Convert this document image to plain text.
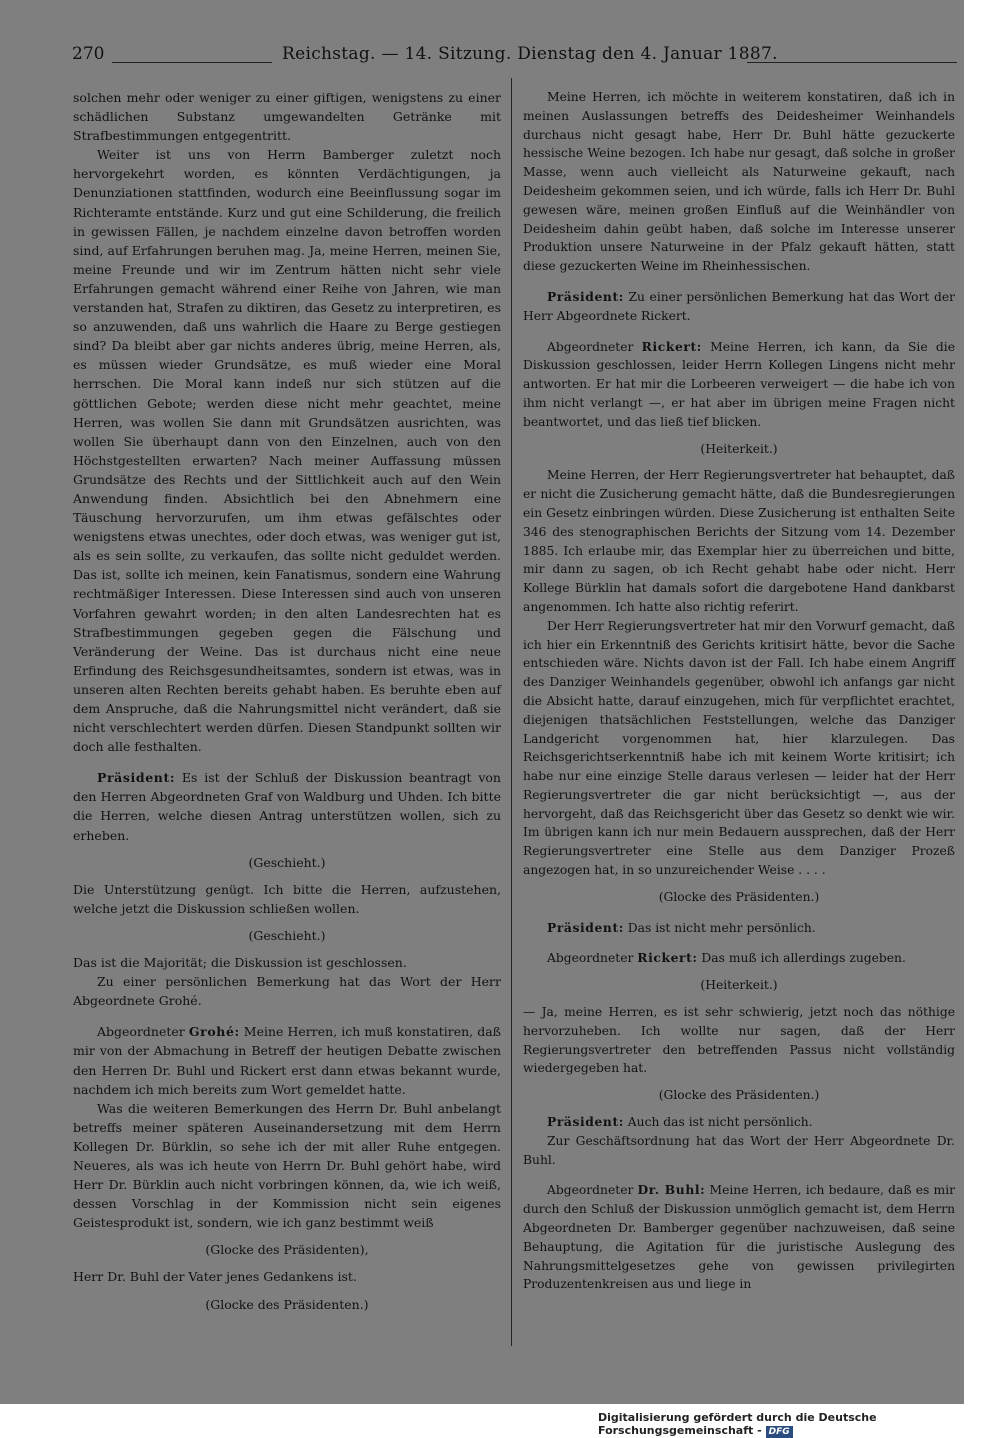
270	Reichstag. — 14. Sitzung. Dienstag den 4. Januar 1887.

solchen mehr oder weniger zu einer giftigen, wenigstens zu einer schädlichen Substanz umgewandelten Getränke mit Strafbestimmungen entgegentritt.

Weiter ist uns von Herrn Bamberger zuletzt noch hervorgekehrt worden, es könnten Verdächtigungen, ja Denunziationen stattfinden, wodurch eine Beeinflussung sogar im Richteramte entstände. Kurz und gut eine Schilderung, die freilich in gewissen Fällen, je nachdem einzelne davon betroffen worden sind, auf Erfahrungen beruhen mag. Ja, meine Herren, meinen Sie, meine Freunde und wir im Zentrum hätten nicht sehr viele Erfahrungen gemacht während einer Reihe von Jahren, wie man verstanden hat, Strafen zu diktiren, das Gesetz zu interpretiren, es so anzuwenden, daß uns wahrlich die Haare zu Berge gestiegen sind? Da bleibt aber gar nichts anderes übrig, meine Herren, als, es müssen wieder Grundsätze, es muß wieder eine Moral herrschen. Die Moral kann indeß nur sich stützen auf die göttlichen Gebote; werden diese nicht mehr geachtet, meine Herren, was wollen Sie dann mit Grundsätzen ausrichten, was wollen Sie überhaupt dann von den Einzelnen, auch von den Höchstgestellten erwarten? Nach meiner Auffassung müssen Grundsätze des Rechts und der Sittlichkeit auch auf den Wein Anwendung finden. Absichtlich bei den Abnehmern eine Täuschung hervorzurufen, um ihm etwas gefälschtes oder wenigstens etwas unechtes, oder doch etwas, was weniger gut ist, als es sein sollte, zu verkaufen, das sollte nicht geduldet werden. Das ist, sollte ich meinen, kein Fanatismus, sondern eine Wahrung rechtmäßiger Interessen. Diese Interessen sind auch von unseren Vorfahren gewahrt worden; in den alten Landesrechten hat es Strafbestimmungen gegeben gegen die Fälschung und Veränderung der Weine. Das ist durchaus nicht eine neue Erfindung des Reichsgesundheitsamtes, sondern ist etwas, was in unseren alten Rechten bereits gehabt haben. Es beruhte eben auf dem Anspruche, daß die Nahrungsmittel nicht verändert, daß sie nicht verschlechtert werden dürfen. Diesen Standpunkt sollten wir doch alle festhalten.

Präsident: Es ist der Schluß der Diskussion beantragt von den Herren Abgeordneten Graf von Waldburg und Uhden. Ich bitte die Herren, welche diesen Antrag unterstützen wollen, sich zu erheben.

(Geschieht.)

Die Unterstützung genügt. Ich bitte die Herren, aufzustehen, welche jetzt die Diskussion schließen wollen.

(Geschieht.)

Das ist die Majorität; die Diskussion ist geschlossen.

Zu einer persönlichen Bemerkung hat das Wort der Herr Abgeordnete Grohé.

Abgeordneter Grohé: Meine Herren, ich muß konstatiren, daß mir von der Abmachung in Betreff der heutigen Debatte zwischen den Herren Dr. Buhl und Rickert erst dann etwas bekannt wurde, nachdem ich mich bereits zum Wort gemeldet hatte.

Was die weiteren Bemerkungen des Herrn Dr. Buhl anbelangt betreffs meiner späteren Auseinandersetzung mit dem Herrn Kollegen Dr. Bürklin, so sehe ich der mit aller Ruhe entgegen. Neueres, als was ich heute von Herrn Dr. Buhl gehört habe, wird Herr Dr. Bürklin auch nicht vorbringen können, da, wie ich weiß, dessen Vorschlag in der Kommission nicht sein eigenes Geistesprodukt ist, sondern, wie ich ganz bestimmt weiß

(Glocke des Präsidenten),

Herr Dr. Buhl der Vater jenes Gedankens ist.

(Glocke des Präsidenten.)

Meine Herren, ich möchte in weiterem konstatiren, daß ich in meinen Auslassungen betreffs des Deidesheimer Weinhandels durchaus nicht gesagt habe, Herr Dr. Buhl hätte gezuckerte hessische Weine bezogen. Ich habe nur gesagt, daß solche in großer Masse, wenn auch vielleicht als Naturweine gekauft, nach Deidesheim gekommen seien, und ich würde, falls ich Herr Dr. Buhl gewesen wäre, meinen großen Einfluß auf die Weinhändler von Deidesheim dahin geübt haben, daß solche im Interesse unserer Produktion unsere Naturweine in der Pfalz gekauft hätten, statt diese gezuckerten Weine im Rheinhessischen.

Präsident: Zu einer persönlichen Bemerkung hat das Wort der Herr Abgeordnete Rickert.

Abgeordneter Rickert: Meine Herren, ich kann, da Sie die Diskussion geschlossen, leider Herrn Kollegen Lingens nicht mehr antworten. Er hat mir die Lorbeeren verweigert — die habe ich von ihm nicht verlangt —, er hat aber im übrigen meine Fragen nicht beantwortet, und das ließ tief blicken.

(Heiterkeit.)

Meine Herren, der Herr Regierungsvertreter hat behauptet, daß er nicht die Zusicherung gemacht hätte, daß die Bundesregierungen ein Gesetz einbringen würden. Diese Zusicherung ist enthalten Seite 346 des stenographischen Berichts der Sitzung vom 14. Dezember 1885. Ich erlaube mir, das Exemplar hier zu überreichen und bitte, mir dann zu sagen, ob ich Recht gehabt habe oder nicht. Herr Kollege Bürklin hat damals sofort die dargebotene Hand dankbarst angenommen. Ich hatte also richtig referirt.

Der Herr Regierungsvertreter hat mir den Vorwurf gemacht, daß ich hier ein Erkenntniß des Gerichts kritisirt hätte, bevor die Sache entschieden wäre. Nichts davon ist der Fall. Ich habe einem Angriff des Danziger Weinhandels gegenüber, obwohl ich anfangs gar nicht die Absicht hatte, darauf einzugehen, mich für verpflichtet erachtet, diejenigen thatsächlichen Feststellungen, welche das Danziger Landgericht vorgenommen hat, hier klarzulegen. Das Reichsgerichtserkenntniß habe ich mit keinem Worte kritisirt; ich habe nur eine einzige Stelle daraus verlesen — leider hat der Herr Regierungsvertreter die gar nicht berücksichtigt —, aus der hervorgeht, daß das Reichsgericht über das Gesetz so denkt wie wir. Im übrigen kann ich nur mein Bedauern aussprechen, daß der Herr Regierungsvertreter eine Stelle aus dem Danziger Prozeß angezogen hat, in so unzureichender Weise . . . .

(Glocke des Präsidenten.)

Präsident: Das ist nicht mehr persönlich.

Abgeordneter Rickert: Das muß ich allerdings zugeben.

(Heiterkeit.)

— Ja, meine Herren, es ist sehr schwierig, jetzt noch das nöthige hervorzuheben. Ich wollte nur sagen, daß der Herr Regierungsvertreter den betreffenden Passus nicht vollständig wiedergegeben hat.

(Glocke des Präsidenten.)

Präsident: Auch das ist nicht persönlich.

Zur Geschäftsordnung hat das Wort der Herr Abgeordnete Dr. Buhl.

Abgeordneter Dr. Buhl: Meine Herren, ich bedaure, daß es mir durch den Schluß der Diskussion unmöglich gemacht ist, dem Herrn Abgeordneten Dr. Bamberger gegenüber nachzuweisen, daß seine Behauptung, die Agitation für die juristische Auslegung des Nahrungsmittelgesetzes gehe von gewissen privilegirten Produzentenkreisen aus und liege in

Digitalisierung gefördert durch die Deutsche Forschungsgemeinschaft - DFG
